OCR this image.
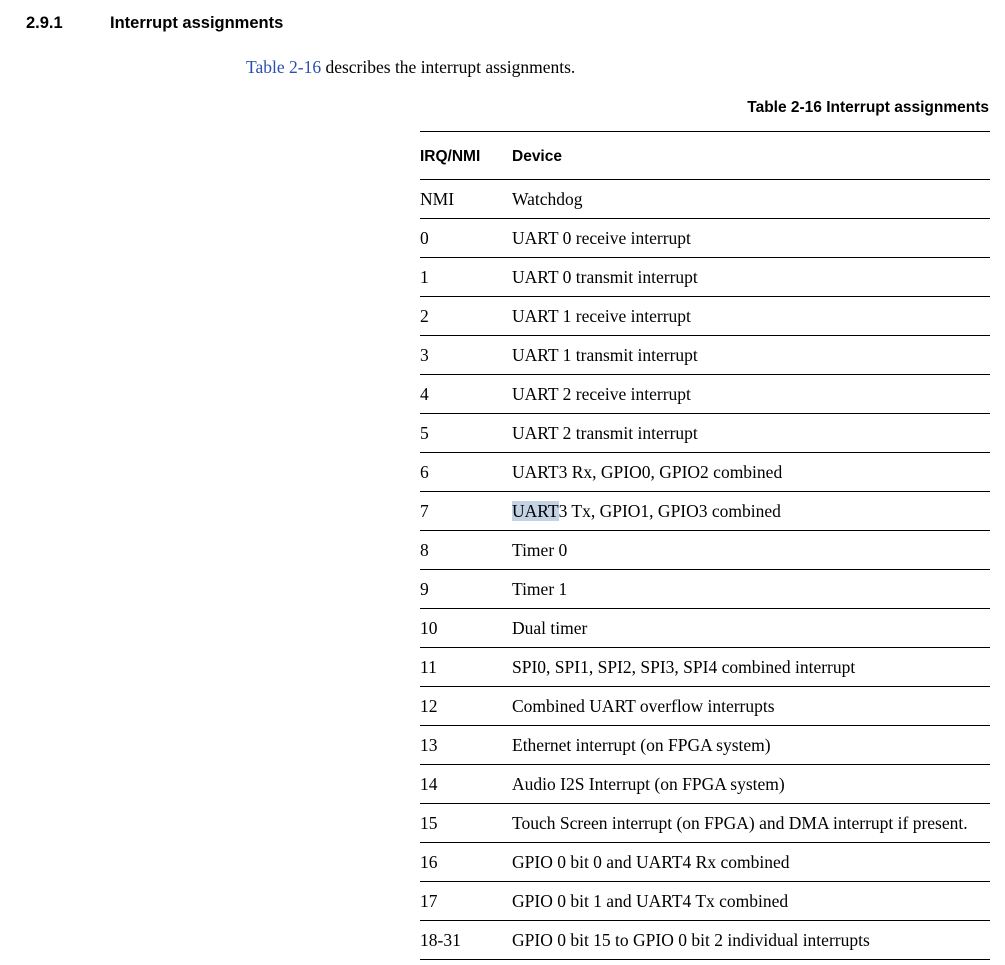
2.9.1	Interrupt assignments
Table 2-16 describes the interrupt assignments.
Table 2-16 Interrupt assignments
IRQ/NMI	Device
NMI	Watchdog
0	UART 0 receive interrupt
1	UART 0 transmit interrupt
2	UART 1 receive interrupt
3	UART 1 transmit interrupt
4	UART 2 receive interrupt
5	UART 2 transmit interrupt
6	UART3 Rx, GPIO0, GPIO2 combined
7	UART3 Tx, GPIO1, GPIO3 combined
8	Timer 0
9	Timer 1
10	Dual timer
11	SPI0, SPI1, SPI2, SPI3, SPI4 combined interrupt
12	Combined UART overflow interrupts
13	Ethernet interrupt (on FPGA system)
14	Audio I2S Interrupt (on FPGA system)
15	Touch Screen interrupt (on FPGA) and DMA interrupt if present.
16	GPIO 0 bit 0 and UART4 Rx combined
17	GPIO 0 bit 1 and UART4 Tx combined
18-31	GPIO 0 bit 15 to GPIO 0 bit 2 individual interrupts
